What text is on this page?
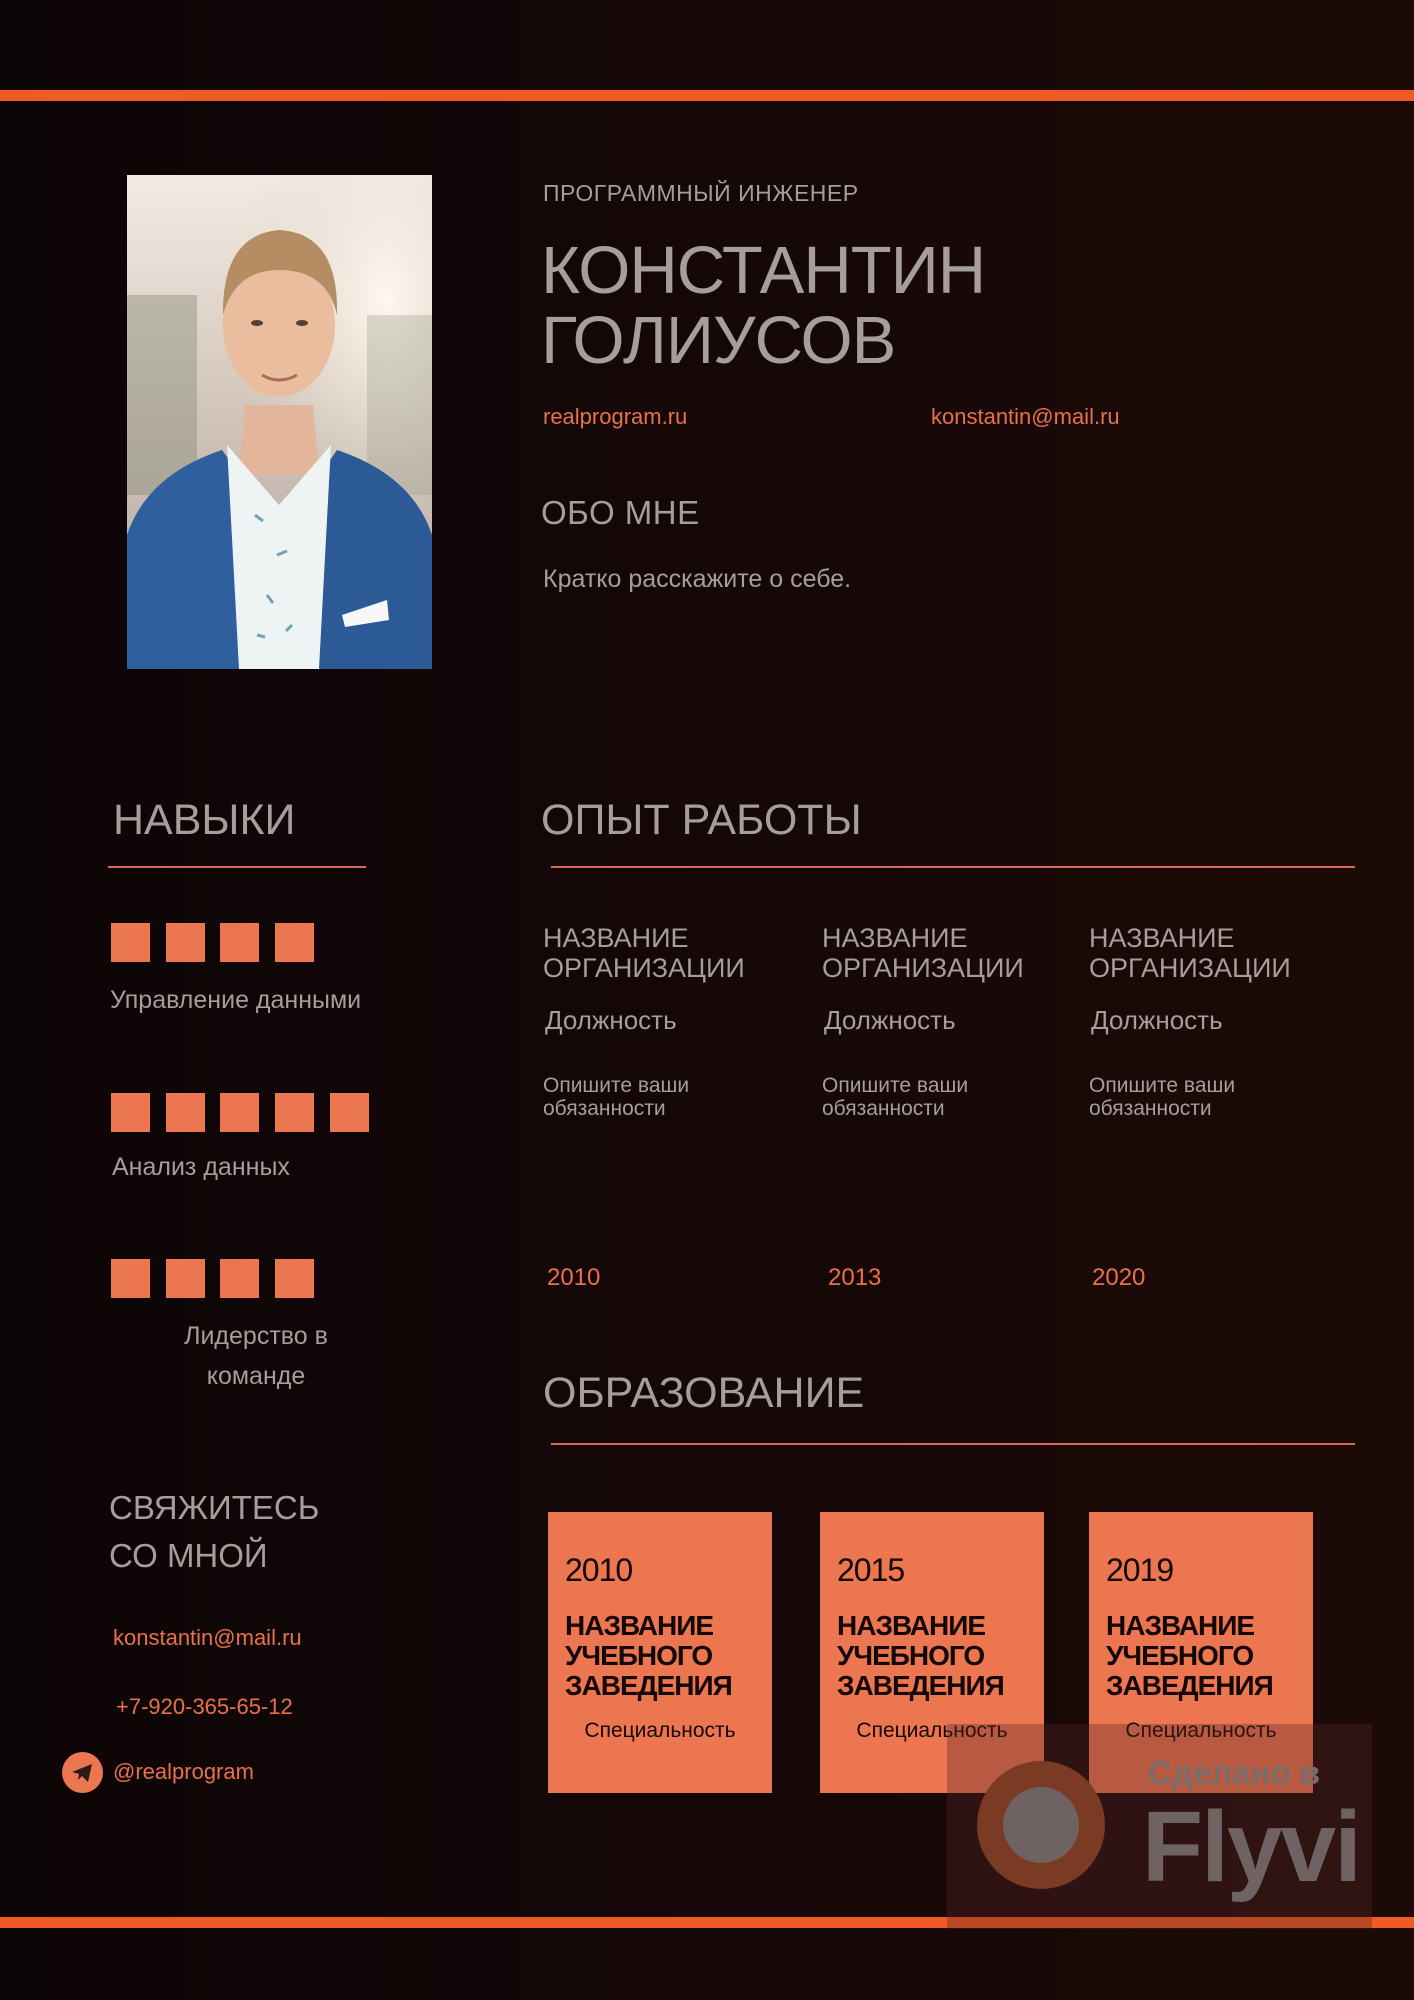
ПРОГРАММНЫЙ ИНЖЕНЕР
КОНСТАНТИН
ГОЛИУСОВ
realprogram.ru	konstantin@mail.ru
ОБО МНЕ
Кратко расскажите о себе.
НАВЫКИ
Управление данными
Анализ данных
Лидерство в
команде
ОПЫТ РАБОТЫ
НАЗВАНИЕ
ОРГАНИЗАЦИИ
Должность
Опишите ваши
обязанности
2010
НАЗВАНИЕ
ОРГАНИЗАЦИИ
Должность
Опишите ваши
обязанности
2013
НАЗВАНИЕ
ОРГАНИЗАЦИИ
Должность
Опишите ваши
обязанности
2020
ОБРАЗОВАНИЕ
2010
НАЗВАНИЕ
УЧЕБНОГО
ЗАВЕДЕНИЯ
Специальность
2015
НАЗВАНИЕ
УЧЕБНОГО
ЗАВЕДЕНИЯ
Специальность
2019
НАЗВАНИЕ
УЧЕБНОГО
ЗАВЕДЕНИЯ
Специальность
СВЯЖИТЕСЬ
СО МНОЙ
konstantin@mail.ru
+7-920-365-65-12
@realprogram	Сделано в
Flyvi
